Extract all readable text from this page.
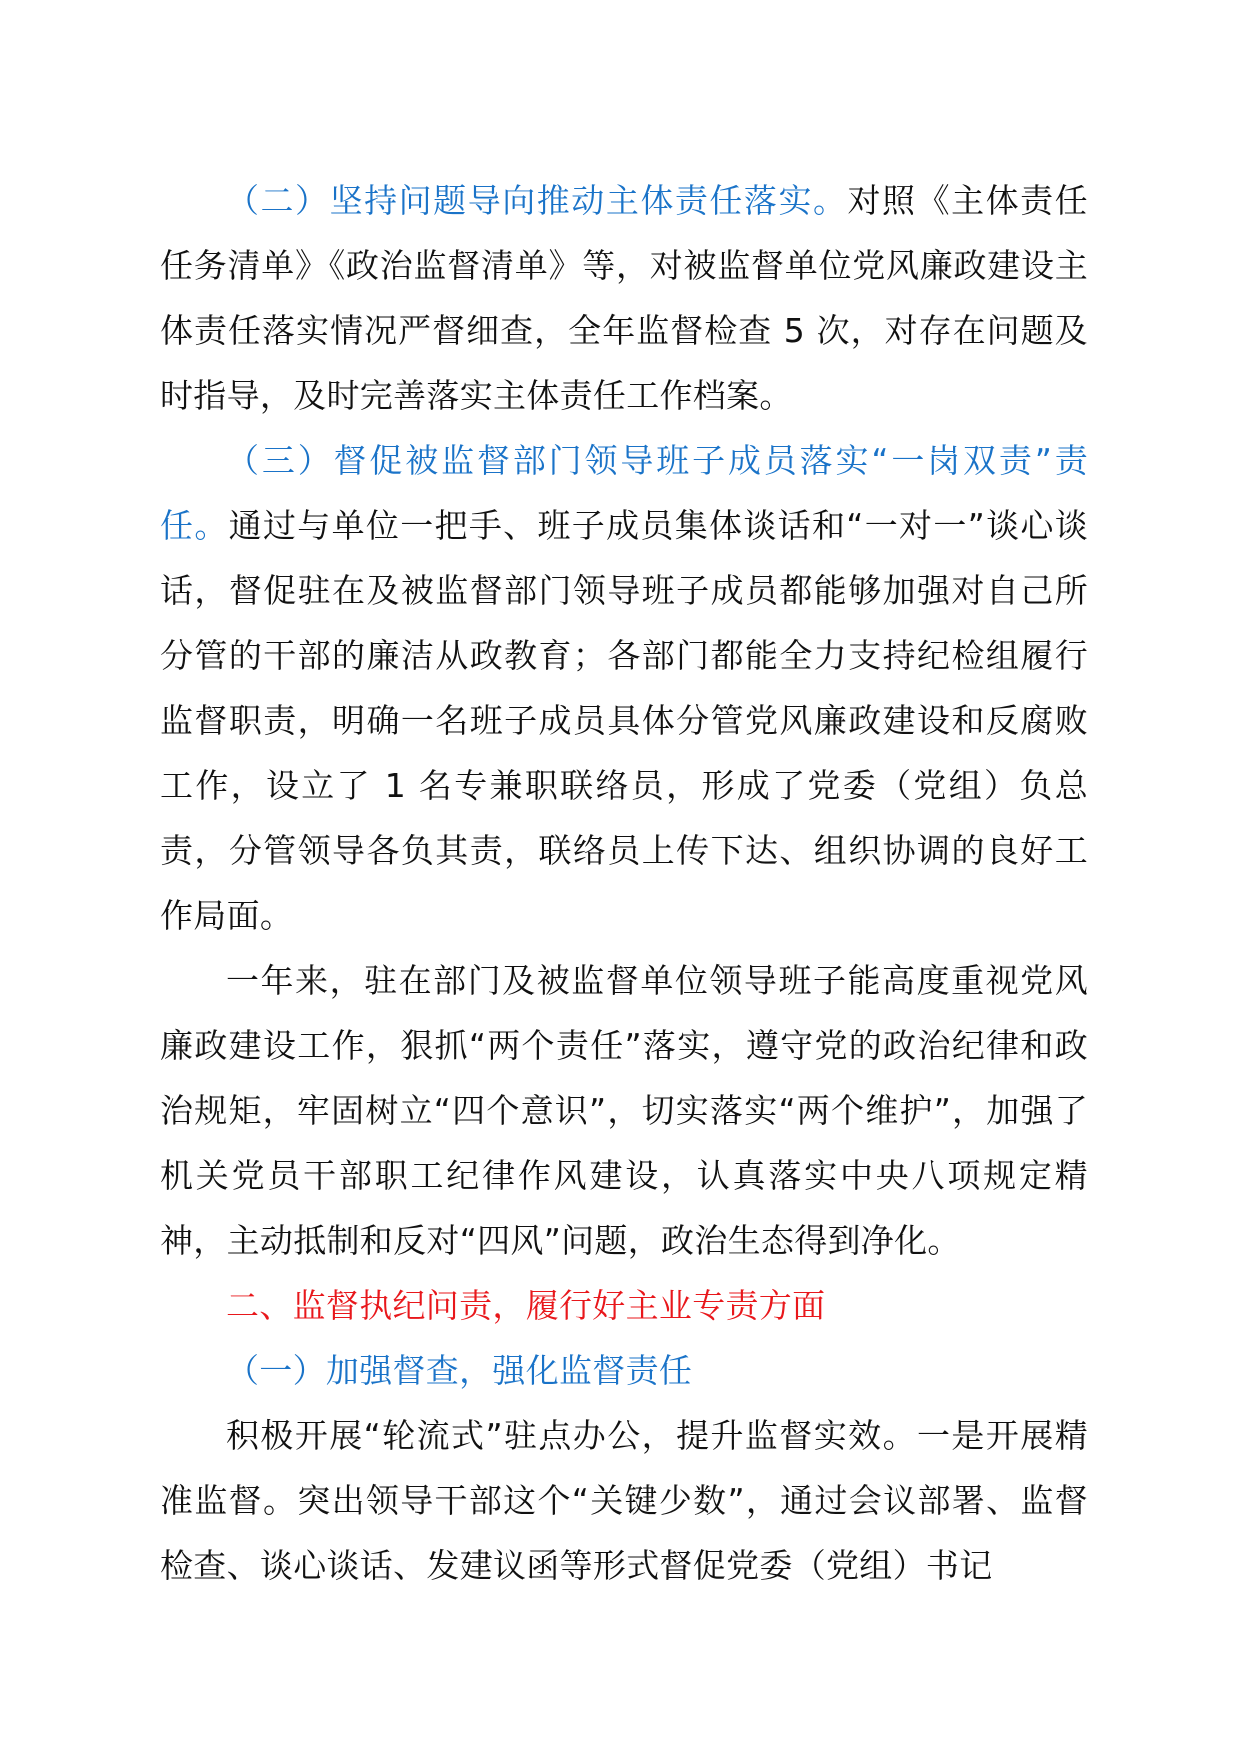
（二）坚持问题导向推动主体责任落实。对照《主体责任任务清单》《政治监督清单》等，对被监督单位党风廉政建设主体责任落实情况严督细查，全年监督检查 5 次，对存在问题及时指导，及时完善落实主体责任工作档案。

（三）督促被监督部门领导班子成员落实“一岗双责”责任。通过与单位一把手、班子成员集体谈话和“一对一”谈心谈话，督促驻在及被监督部门领导班子成员都能够加强对自己所分管的干部的廉洁从政教育；各部门都能全力支持纪检组履行监督职责，明确一名班子成员具体分管党风廉政建设和反腐败工作，设立了 1 名专兼职联络员，形成了党委（党组）负总责，分管领导各负其责，联络员上传下达、组织协调的良好工作局面。

一年来，驻在部门及被监督单位领导班子能高度重视党风廉政建设工作，狠抓“两个责任”落实，遵守党的政治纪律和政治规矩，牢固树立“四个意识”，切实落实“两个维护”，加强了机关党员干部职工纪律作风建设，认真落实中央八项规定精神，主动抵制和反对“四风”问题，政治生态得到净化。

二、监督执纪问责，履行好主业专责方面

（一）加强督查，强化监督责任

积极开展“轮流式”驻点办公，提升监督实效。一是开展精准监督。突出领导干部这个“关键少数”，通过会议部署、监督检查、谈心谈话、发建议函等形式督促党委（党组）书记
